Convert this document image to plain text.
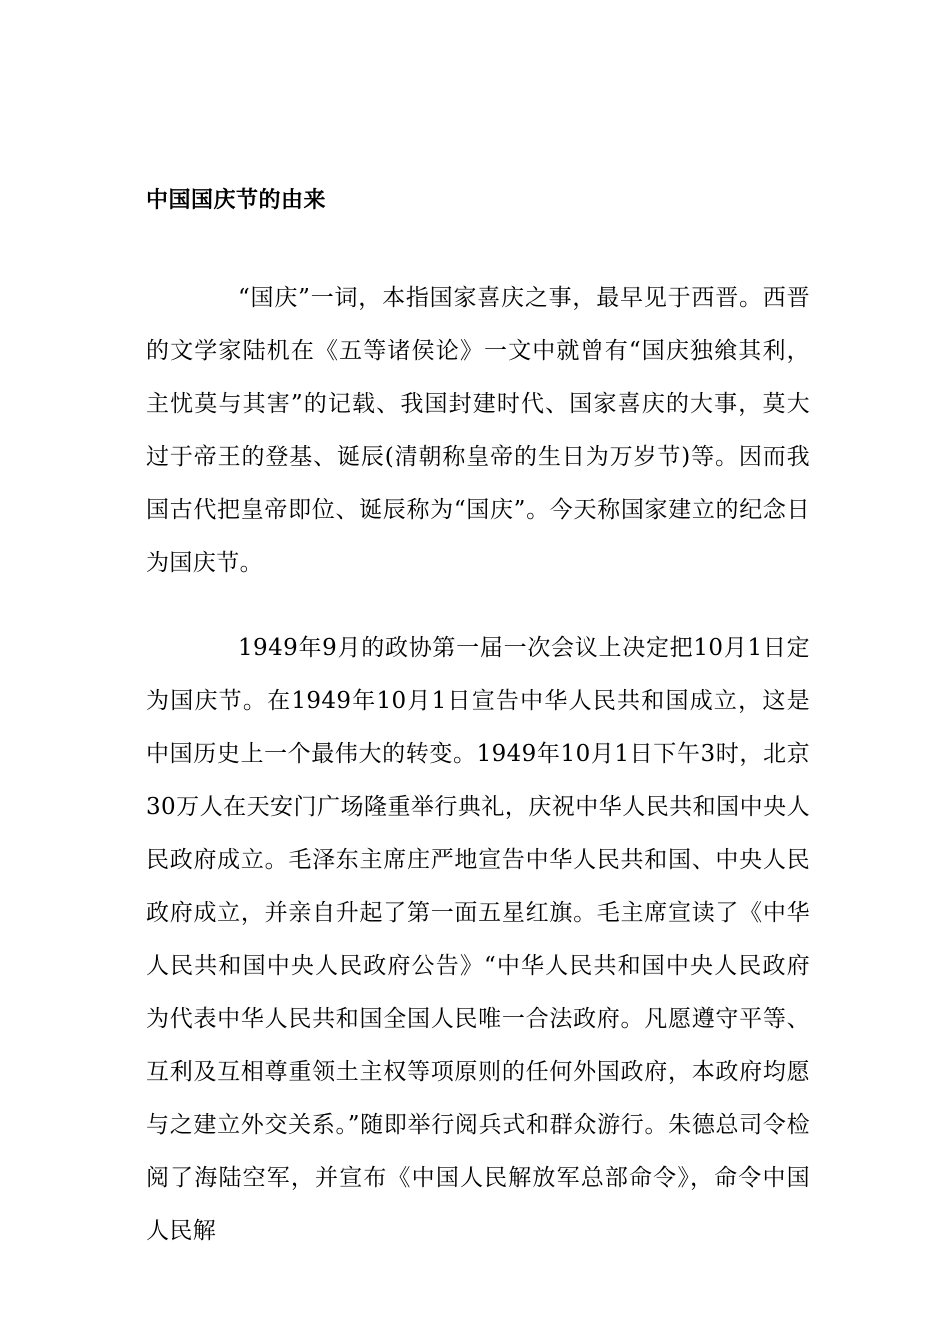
中国国庆节的由来
“国庆”一词，本指国家喜庆之事，最早见于西晋。西晋的文学家陆机在《五等诸侯论》一文中就曾有“国庆独飨其利，主忧莫与其害”的记载、我国封建时代、国家喜庆的大事，莫大过于帝王的登基、诞辰(清朝称皇帝的生日为万岁节)等。因而我国古代把皇帝即位、诞辰称为“国庆”。今天称国家建立的纪念日为国庆节。
1949年9月的政协第一届一次会议上决定把10月1日定为国庆节。在1949年10月1日宣告中华人民共和国成立，这是中国历史上一个最伟大的转变。1949年10月1日下午3时，北京30万人在天安门广场隆重举行典礼，庆祝中华人民共和国中央人民政府成立。毛泽东主席庄严地宣告中华人民共和国、中央人民政府成立，并亲自升起了第一面五星红旗。毛主席宣读了《中华人民共和国中央人民政府公告》“中华人民共和国中央人民政府为代表中华人民共和国全国人民唯一合法政府。凡愿遵守平等、互利及互相尊重领土主权等项原则的任何外国政府，本政府均愿与之建立外交关系。”随即举行阅兵式和群众游行。朱德总司令检阅了海陆空军，并宣布《中国人民解放军总部命令》，命令中国人民解
